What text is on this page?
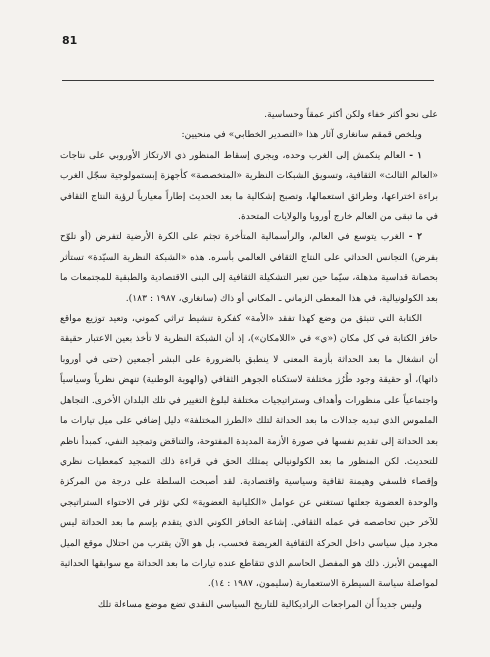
81

على نحو أكثر خفاء ولكن أكثر عمقاً وحساسية.

ويلخص قمقم سانغاري آثار هذا «التصدير الخطابي» في منحيين:

١ - العالم ينكمش إلى الغرب وحده، ويجري إسقاط المنظور ذي الارتكاز الأوروبي على نتاجات «العالم الثالث» الثقافية، وتسويق الشبكات النظرية «المتخصصة» كأجهزة إبستمولوجية سجّل الغرب براءة اختراعها، وطرائق استعمالها، وتصبح إشكالية ما بعد الحديث إطاراً معيارياً لرؤية النتاج الثقافي في ما تبقى من العالم خارج أوروبا والولايات المتحدة.

٢ - الغرب يتوسع في العالم، والرأسمالية المتأخرة تجثم على الكرة الأرضية لتفرض (أو تلوّح بفرض) التجانس الحداثي على النتاج الثقافي العالمي بأسره. هذه «الشبكة النظرية السيّدة» تستأثر بحصانة قداسية مذهلة، سيّما حين تعبر التشكيلة الثقافية إلى البنى الاقتصادية والطبقية للمجتمعات ما بعد الكولونيالية، في هذا المعطى الزماني ـ المكاني أو ذاك (سانغاري، ١٩٨٧ : ١٨٣).

الكتابة التي تنبثق من وضع كهذا تفقد «الأمة» كفكرة تنشيط تراثي كموني، وتعيد توزيع مواقع حافز الكتابة في كل مكان («ي» في «اللامكان»)، إذ أن الشبكة النظرية لا تأخذ بعين الاعتبار حقيقة أن انشغال ما بعد الحداثة بأزمة المعنى لا ينطبق بالضرورة على البشر أجمعين (حتى في أوروبا ذاتها)، أو حقيقة وجود طُرُز مختلفة لاستكناه الجوهر الثقافي (والهوية الوطنية) تنهض نظرياً وسياسياً واجتماعياً على منظورات وأهداف وستراتيجيات مختلفة لبلوغ التغيير في تلك البلدان الأخرى. التجاهل الملموس الذي تبديه جدالات ما بعد الحداثة لتلك «الطرز المختلفة» دليل إضافي على ميل تيارات ما بعد الحداثة إلى تقديم نفسها في صورة الأزمة المديدة المفتوحة، والتناقض وتمجيد النفي، كمبدأ ناظم للتحديث. لكن المنظور ما بعد الكولونيالي يمتلك الحق في قراءة ذلك التمجيد كمعطيات نظري وإقصاء فلسفي وهيمنة ثقافية وسياسية واقتصادية. لقد أصبحت السلطة على درجة من المركزة والوحدة العضوية جعلتها تستغني عن عوامل «الكليانية العضوية» لكي تؤثر في الاحتواء الستراتيجي للآخر حين تحاصصه في عمله الثقافي. إشاعة الحافز الكوني الذي يتقدم بإسم ما بعد الحداثة ليس مجرد ميل سياسي داخل الحركة الثقافية العريضة فحسب، بل هو الآن يقترب من احتلال موقع الميل المهيمن الأبرز. ذلك هو المفصل الحاسم الذي تتقاطع عنده تيارات ما بعد الحداثة مع سوابقها الحداثية لمواصلة سياسة السيطرة الاستعمارية (سليمون، ١٩٨٧ : ١٤).

وليس جديداً أن المراجعات الراديكالية للتاريخ السياسي النقدي تضع موضع مساءلة تلك
